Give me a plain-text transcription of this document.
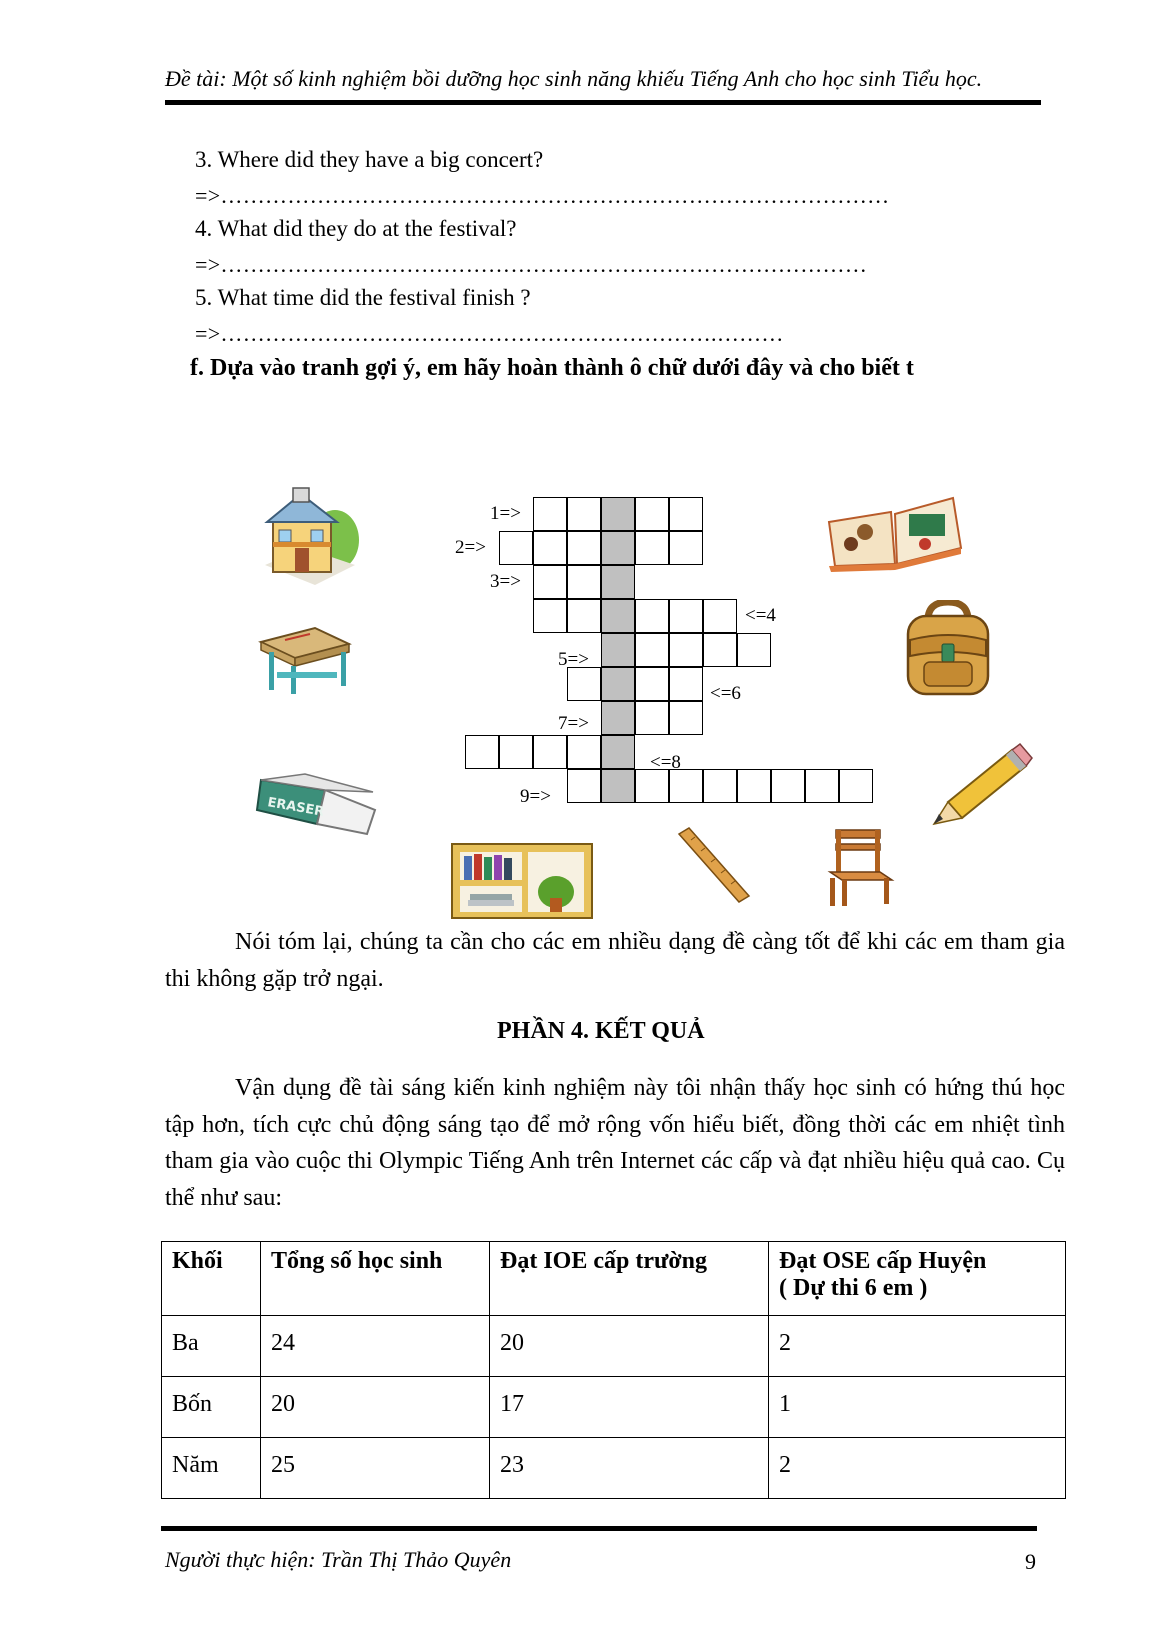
Đề tài: Một số kinh nghiệm bồi dưỡng học sinh năng khiếu Tiếng Anh cho học sinh Tiểu học.
3. Where did they have a big concert?
=>………………………………………………………………………………
4. What did they do at the festival?
=>……………………………………………………………………………
5. What time did the festival finish ?
=>………………………………………………………….………
f. Dựa vào tranh gợi ý, em hãy hoàn thành ô chữ dưới đây và cho biết t
1=>
2=>
3=>
<=4
5=>
<=6
7=>
<=8
9=>
ERASER
Nói tóm lại, chúng ta cần cho các em nhiều dạng đề càng tốt để khi các em tham gia thi không gặp trở ngại.
PHẦN 4. KẾT QUẢ
Vận dụng đề tài sáng kiến kinh nghiệm này tôi nhận thấy học sinh có hứng thú học tập hơn, tích cực chủ động sáng tạo để mở rộng vốn hiểu biết, đồng thời các em nhiệt tình tham gia vào cuộc thi Olympic Tiếng Anh trên Internet các cấp và đạt nhiều hiệu quả cao. Cụ thể như sau:
Khối	Tổng số học sinh	Đạt IOE cấp trường	Đạt OSE cấp Huyện
( Dự thi 6 em )
Ba	24	20	2
Bốn	20	17	1
Năm	25	23	2
Người thực hiện: Trần Thị Thảo Quyên	9
